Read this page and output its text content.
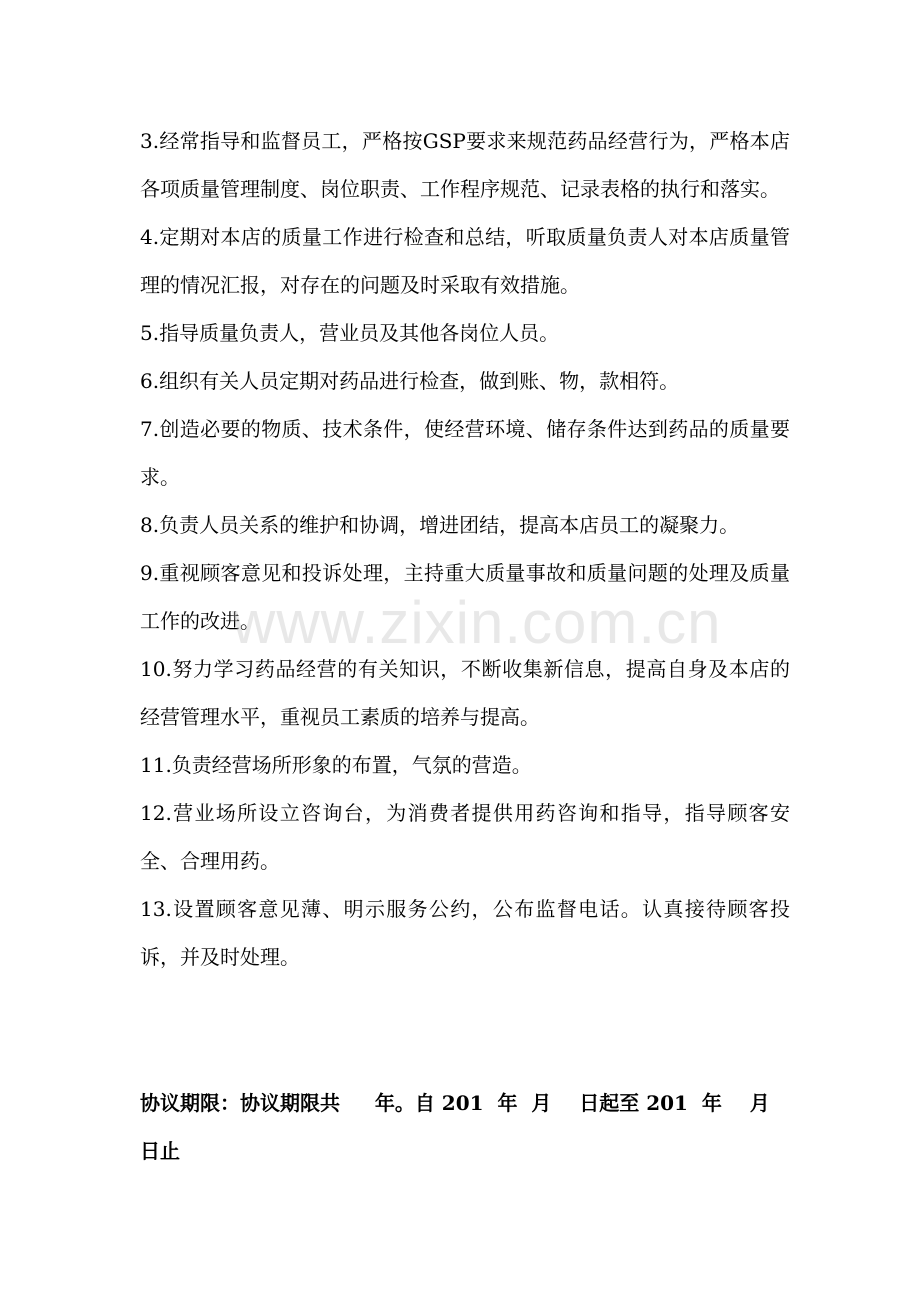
3.经常指导和监督员工，严格按GSP要求来规范药品经营行为，严格本店各项质量管理制度、岗位职责、工作程序规范、记录表格的执行和落实。

4.定期对本店的质量工作进行检查和总结，听取质量负责人对本店质量管理的情况汇报，对存在的问题及时采取有效措施。

5.指导质量负责人，营业员及其他各岗位人员。

6.组织有关人员定期对药品进行检查，做到账、物，款相符。

7.创造必要的物质、技术条件，使经营环境、储存条件达到药品的质量要求。

8.负责人员关系的维护和协调，增进团结，提高本店员工的凝聚力。

9.重视顾客意见和投诉处理，主持重大质量事故和质量问题的处理及质量工作的改进。

10.努力学习药品经营的有关知识，不断收集新信息，提高自身及本店的经营管理水平，重视员工素质的培养与提高。

11.负责经营场所形象的布置，气氛的营造。

12.营业场所设立咨询台，为消费者提供用药咨询和指导，指导顾客安全、合理用药。

13.设置顾客意见薄、明示服务公约，公布监督电话。认真接待顾客投诉，并及时处理。

www.zixin.com.cn

协议期限：协议期限共     年。自 201  年  月    日起至 201  年    月  日止
